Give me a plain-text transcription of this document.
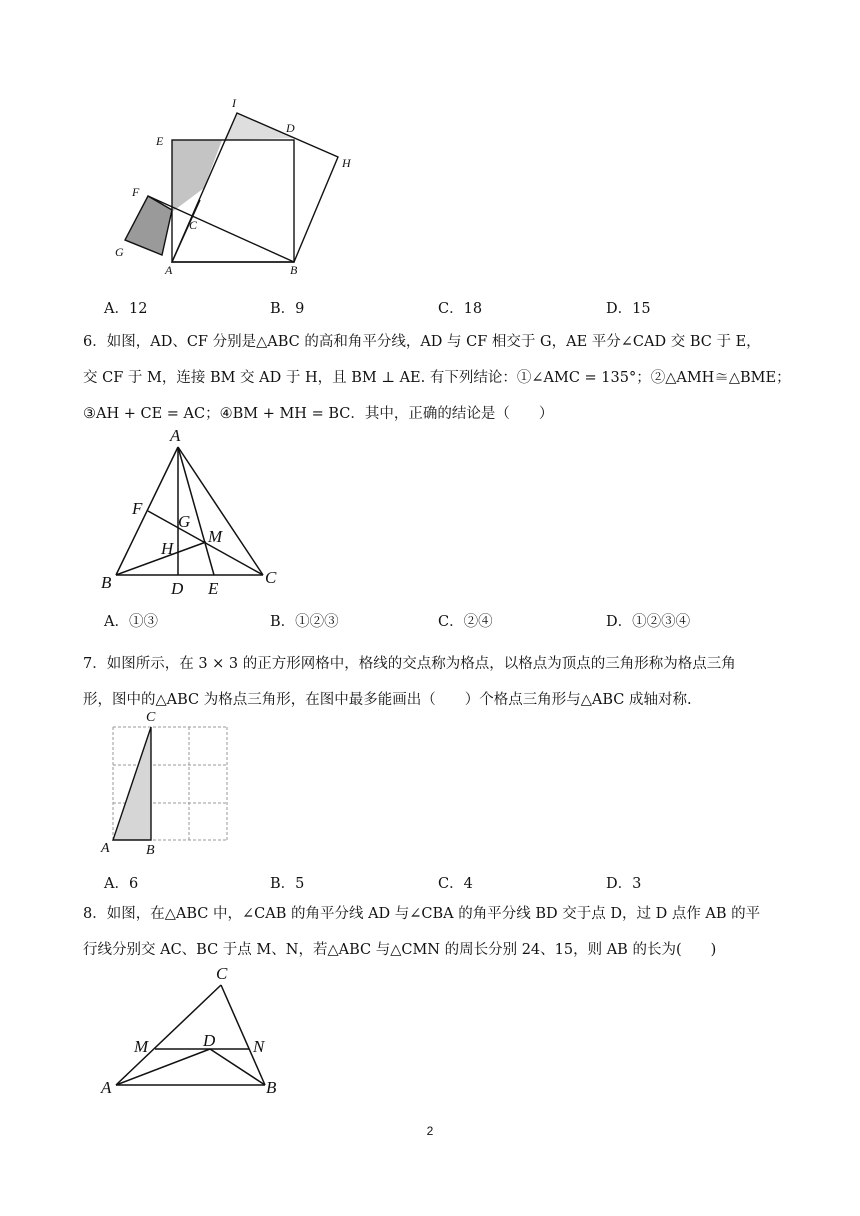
I
D
E
H
F
C
G
A	B
A．12	B．9	C．18	D．15

6．如图，AD、CF 分别是△ABC 的高和角平分线，AD 与 CF 相交于 G，AE 平分∠CAD 交 BC 于 E，

交 CF 于 M，连接 BM 交 AD 于 H，且 BM ⊥ AE. 有下列结论：①∠AMC = 135°；②△AMH≅△BME；

③AH + CE = AC；④BM + MH = BC．其中，正确的结论是（　　）

A
F
G
M
H
B	D E
C
A．①③	B．①②③	C．②④	D．①②③④

7．如图所示，在 3 × 3 的正方形网格中，格线的交点称为格点，以格点为顶点的三角形称为格点三角

形，图中的△ABC 为格点三角形，在图中最多能画出（　　）个格点三角形与△ABC 成轴对称.

C
A	B
A．6	B．5	C．4	D．3

8．如图，在△ABC 中，∠CAB 的角平分线 AD 与∠CBA 的角平分线 BD 交于点 D，过 D 点作 AB 的平

行线分别交 AC、BC 于点 M、N，若△ABC 与△CMN 的周长分别 24、15，则 AB 的长为(　　)

C
M	D N
A	B
2
